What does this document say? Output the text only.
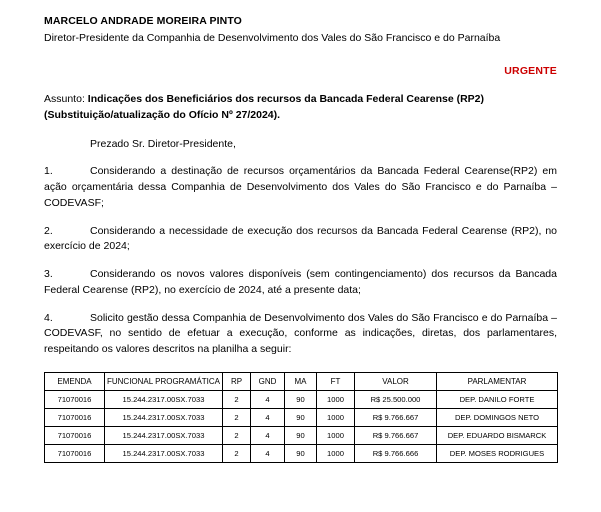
MARCELO ANDRADE MOREIRA PINTO
Diretor-Presidente da Companhia de Desenvolvimento dos Vales do São Francisco e do Parnaíba
URGENTE
Assunto: Indicações dos Beneficiários dos recursos da Bancada Federal Cearense (RP2) (Substituição/atualização do Ofício Nº 27/2024).
Prezado Sr. Diretor-Presidente,
1.	Considerando a destinação de recursos orçamentários da Bancada Federal Cearense(RP2) em ação orçamentária dessa Companhia de Desenvolvimento dos Vales do São Francisco e do Parnaíba – CODEVASF;
2.	Considerando a necessidade de execução dos recursos da Bancada Federal Cearense (RP2), no exercício de 2024;
3.	Considerando os novos valores disponíveis (sem contingenciamento) dos recursos da Bancada Federal Cearense (RP2), no exercício de 2024, até a presente data;
4.	Solicito gestão dessa Companhia de Desenvolvimento dos Vales do São Francisco e do Parnaíba – CODEVASF, no sentido de efetuar a execução, conforme as indicações, diretas, dos parlamentares, respeitando os valores descritos na planilha a seguir:
EMENDA	FUNCIONAL PROGRAMÁTICA	RP	GND	MA	FT	VALOR	PARLAMENTAR
71070016	15.244.2317.00SX.7033	2	4	90	1000	R$ 25.500.000	DEP. DANILO FORTE
71070016	15.244.2317.00SX.7033	2	4	90	1000	R$ 9.766.667	DEP. DOMINGOS NETO
71070016	15.244.2317.00SX.7033	2	4	90	1000	R$ 9.766.667	DEP. EDUARDO BISMARCK
71070016	15.244.2317.00SX.7033	2	4	90	1000	R$ 9.766.666	DEP. MOSES RODRIGUES
